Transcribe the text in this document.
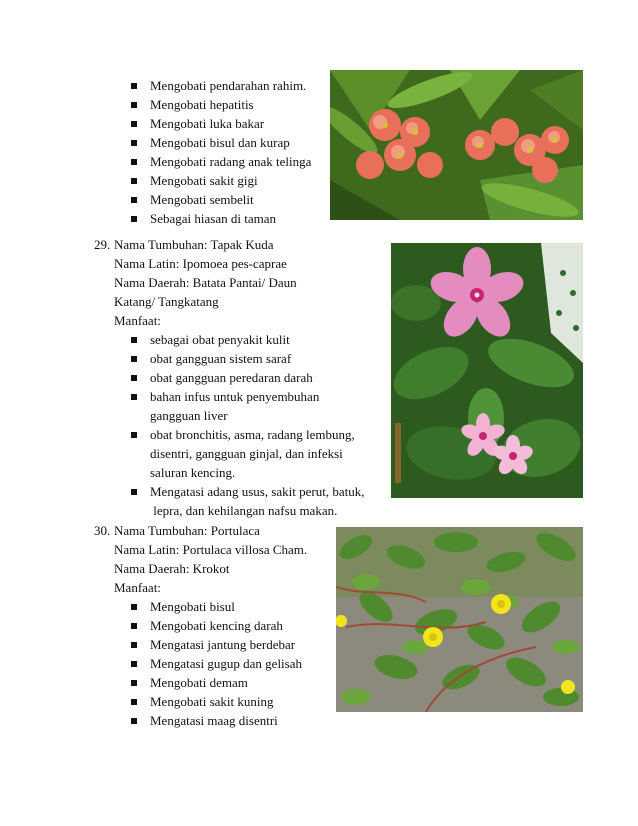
Mengobati pendarahan rahim.
Mengobati hepatitis
Mengobati luka bakar
Mengobati bisul dan kurap
Mengobati radang anak telinga
Mengobati sakit gigi
Mengobati sembelit
Sebagai hiasan di taman
29. Nama Tumbuhan: Tapak Kuda
Nama Latin: Ipomoea pes-caprae
Nama Daerah: Batata Pantai/ Daun
Katang/ Tangkatang
Manfaat:
sebagai obat penyakit kulit
obat gangguan sistem saraf
obat gangguan peredaran darah
bahan infus untuk penyembuhan
gangguan liver
obat bronchitis, asma, radang lembung,
disentri, gangguan ginjal, dan infeksi
saluran kencing.
Mengatasi adang usus, sakit perut, batuk,
lepra, dan kehilangan nafsu makan.
30. Nama Tumbuhan: Portulaca
Nama Latin: Portulaca villosa Cham.
Nama Daerah: Krokot
Manfaat:
Mengobati bisul
Mengobati kencing darah
Mengatasi jantung berdebar
Mengatasi gugup dan gelisah
Mengobati demam
Mengobati sakit kuning
Mengatasi maag disentri
